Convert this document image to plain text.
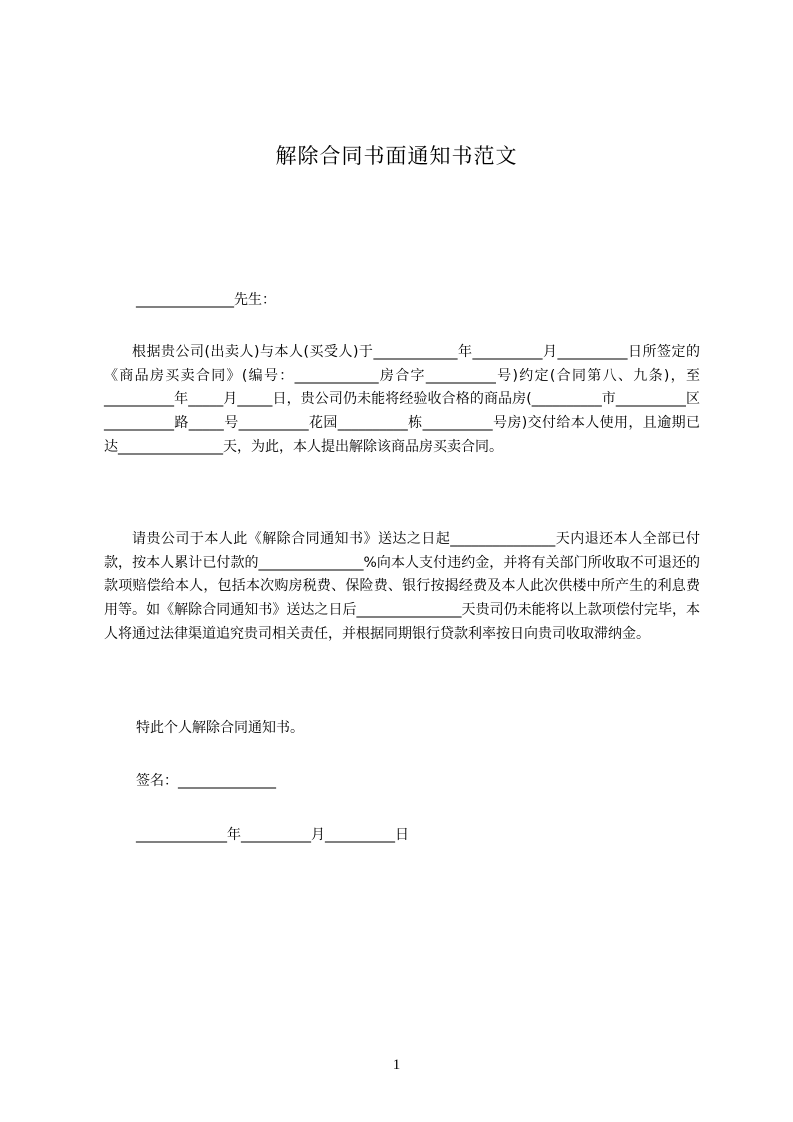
解除合同书面通知书范文

______________先生：

根据贵公司(出卖人)与本人(买受人)于____________年__________月__________日所签定的《商品房买卖合同》(编号：____________房合字__________号)约定(合同第八、九条)，至__________年_____月_____日，贵公司仍未能将经验收合格的商品房(__________市__________区__________路_____号__________花园__________栋__________号房)交付给本人使用，且逾期已达_______________天，为此，本人提出解除该商品房买卖合同。

请贵公司于本人此《解除合同通知书》送达之日起_______________天内退还本人全部已付款，按本人累计已付款的_______________%向本人支付违约金，并将有关部门所收取不可退还的款项赔偿给本人，包括本次购房税费、保险费、银行按揭经费及本人此次供楼中所产生的利息费用等。如《解除合同通知书》送达之日后_______________天贵司仍未能将以上款项偿付完毕，本人将通过法律渠道追究贵司相关责任，并根据同期银行贷款利率按日向贵司收取滞纳金。

特此个人解除合同通知书。

签名：______________

_____________年__________月__________日

1
